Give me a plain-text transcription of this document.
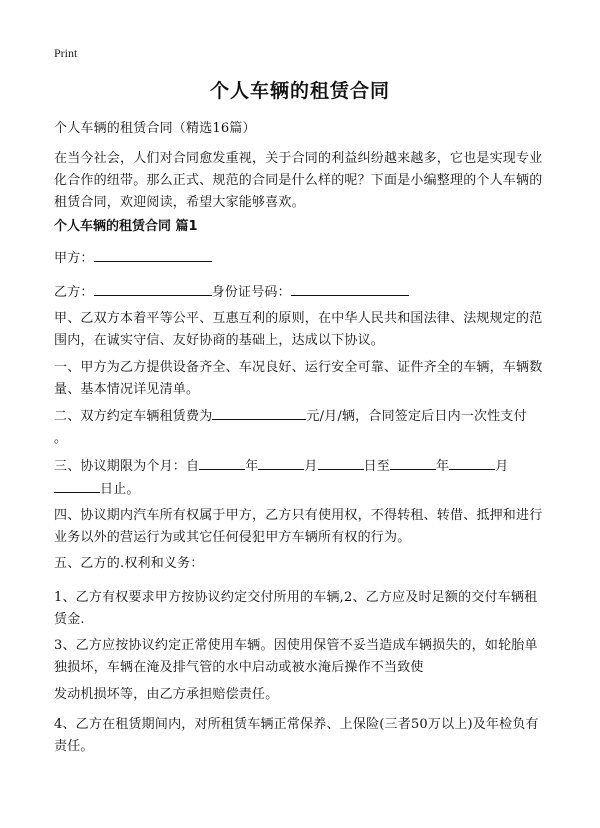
Print
个人车辆的租赁合同
个人车辆的租赁合同（精选16篇）
在当今社会，人们对合同愈发重视，关于合同的利益纠纷越来越多，它也是实现专业化合作的纽带。那么正式、规范的合同是什么样的呢？下面是小编整理的个人车辆的租赁合同，欢迎阅读，希望大家能够喜欢。
个人车辆的租赁合同 篇1
甲方：
乙方：	身份证号码：
甲、乙双方本着平等公平、互惠互利的原则，在中华人民共和国法律、法规规定的范围内，在诚实守信、友好协商的基础上，达成以下协议。
一、甲方为乙方提供设备齐全、车况良好、运行安全可靠、证件齐全的车辆，车辆数量、基本情况详见清单。
二、双方约定车辆租赁费为	元/月/辆，合同签定后日内一次性支付
。
三、协议期限为个月：自	年	月	日至	年	月
日止。
四、协议期内汽车所有权属于甲方，乙方只有使用权，不得转租、转借、抵押和进行业务以外的营运行为或其它任何侵犯甲方车辆所有权的行为。
五、乙方的.权利和义务：
1、乙方有权要求甲方按协议约定交付所用的车辆,2、乙方应及时足额的交付车辆租赁金.
3、乙方应按协议约定正常使用车辆。因使用保管不妥当造成车辆损失的，如轮胎单独损坏，车辆在淹及排气管的水中启动或被水淹后操作不当致使
发动机损坏等，由乙方承担赔偿责任。
4、乙方在租赁期间内，对所租赁车辆正常保养、上保险(三者50万以上)及年检负有责任。
